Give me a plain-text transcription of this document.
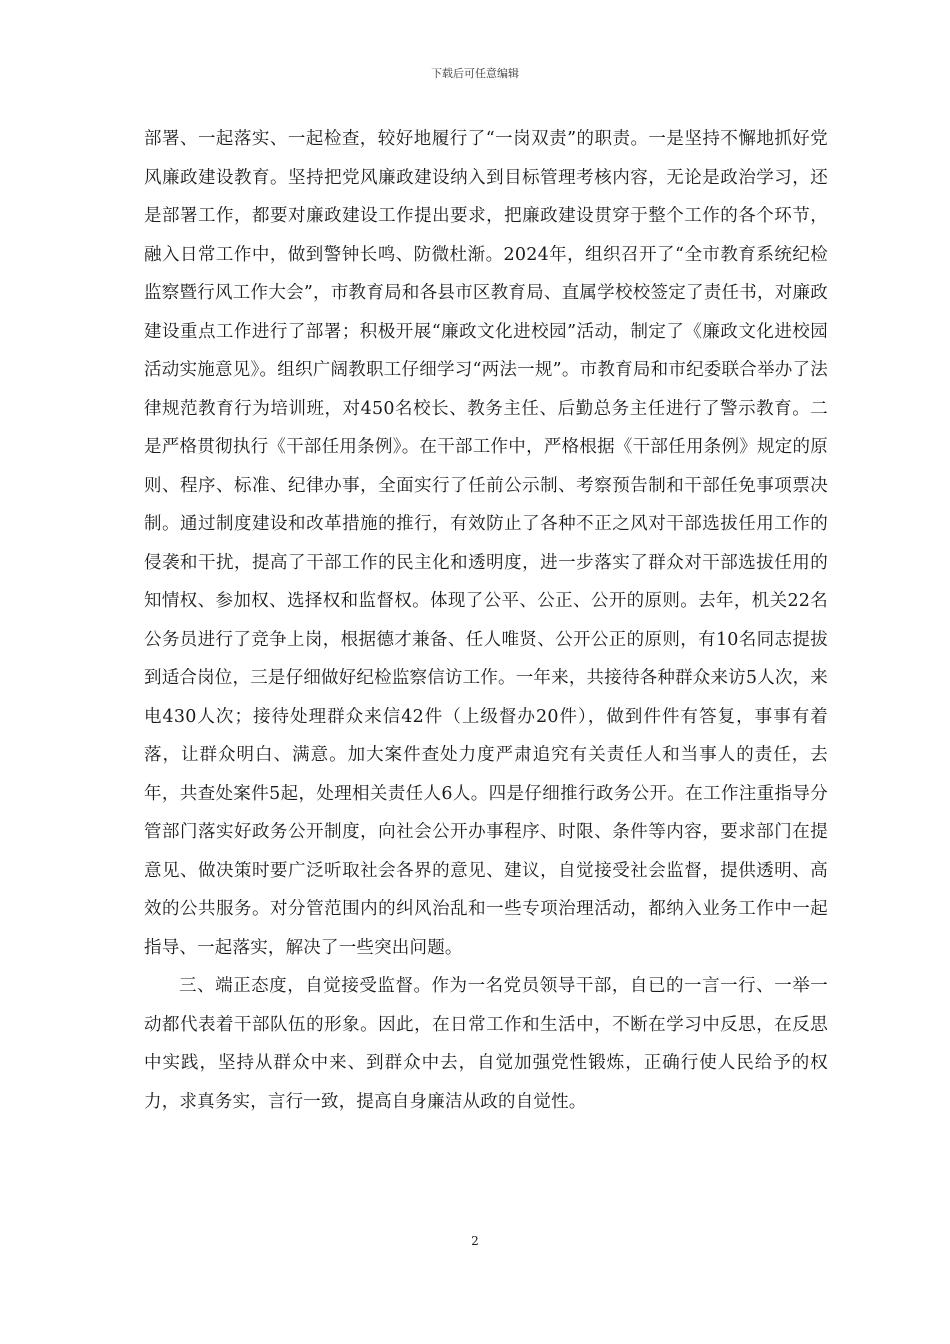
下载后可任意编辑

部署、一起落实、一起检查，较好地履行了“一岗双责”的职责。一是坚持不懈地抓好党风廉政建设教育。坚持把党风廉政建设纳入到目标管理考核内容，无论是政治学习，还是部署工作，都要对廉政建设工作提出要求，把廉政建设贯穿于整个工作的各个环节，融入日常工作中，做到警钟长鸣、防微杜渐。2024年，组织召开了“全市教育系统纪检监察暨行风工作大会”，市教育局和各县市区教育局、直属学校校签定了责任书，对廉政建设重点工作进行了部署；积极开展“廉政文化进校园”活动，制定了《廉政文化进校园活动实施意见》。组织广阔教职工仔细学习“两法一规”。市教育局和市纪委联合举办了法律规范教育行为培训班，对450名校长、教务主任、后勤总务主任进行了警示教育。二是严格贯彻执行《干部任用条例》。在干部工作中，严格根据《干部任用条例》规定的原则、程序、标准、纪律办事，全面实行了任前公示制、考察预告制和干部任免事项票决制。通过制度建设和改革措施的推行，有效防止了各种不正之风对干部选拔任用工作的侵袭和干扰，提高了干部工作的民主化和透明度，进一步落实了群众对干部选拔任用的知情权、参加权、选择权和监督权。体现了公平、公正、公开的原则。去年，机关22名公务员进行了竞争上岗，根据德才兼备、任人唯贤、公开公正的原则，有10名同志提拔到适合岗位，三是仔细做好纪检监察信访工作。一年来，共接待各种群众来访5人次，来电430人次；接待处理群众来信42件（上级督办20件），做到件件有答复，事事有着落，让群众明白、满意。加大案件查处力度严肃追究有关责任人和当事人的责任，去年，共查处案件5起，处理相关责任人6人。四是仔细推行政务公开。在工作注重指导分管部门落实好政务公开制度，向社会公开办事程序、时限、条件等内容，要求部门在提意见、做决策时要广泛听取社会各界的意见、建议，自觉接受社会监督，提供透明、高效的公共服务。对分管范围内的纠风治乱和一些专项治理活动，都纳入业务工作中一起指导、一起落实，解决了一些突出问题。

三、端正态度，自觉接受监督。作为一名党员领导干部，自已的一言一行、一举一动都代表着干部队伍的形象。因此，在日常工作和生活中，不断在学习中反思，在反思中实践，坚持从群众中来、到群众中去，自觉加强党性锻炼，正确行使人民给予的权力，求真务实，言行一致，提高自身廉洁从政的自觉性。

2
